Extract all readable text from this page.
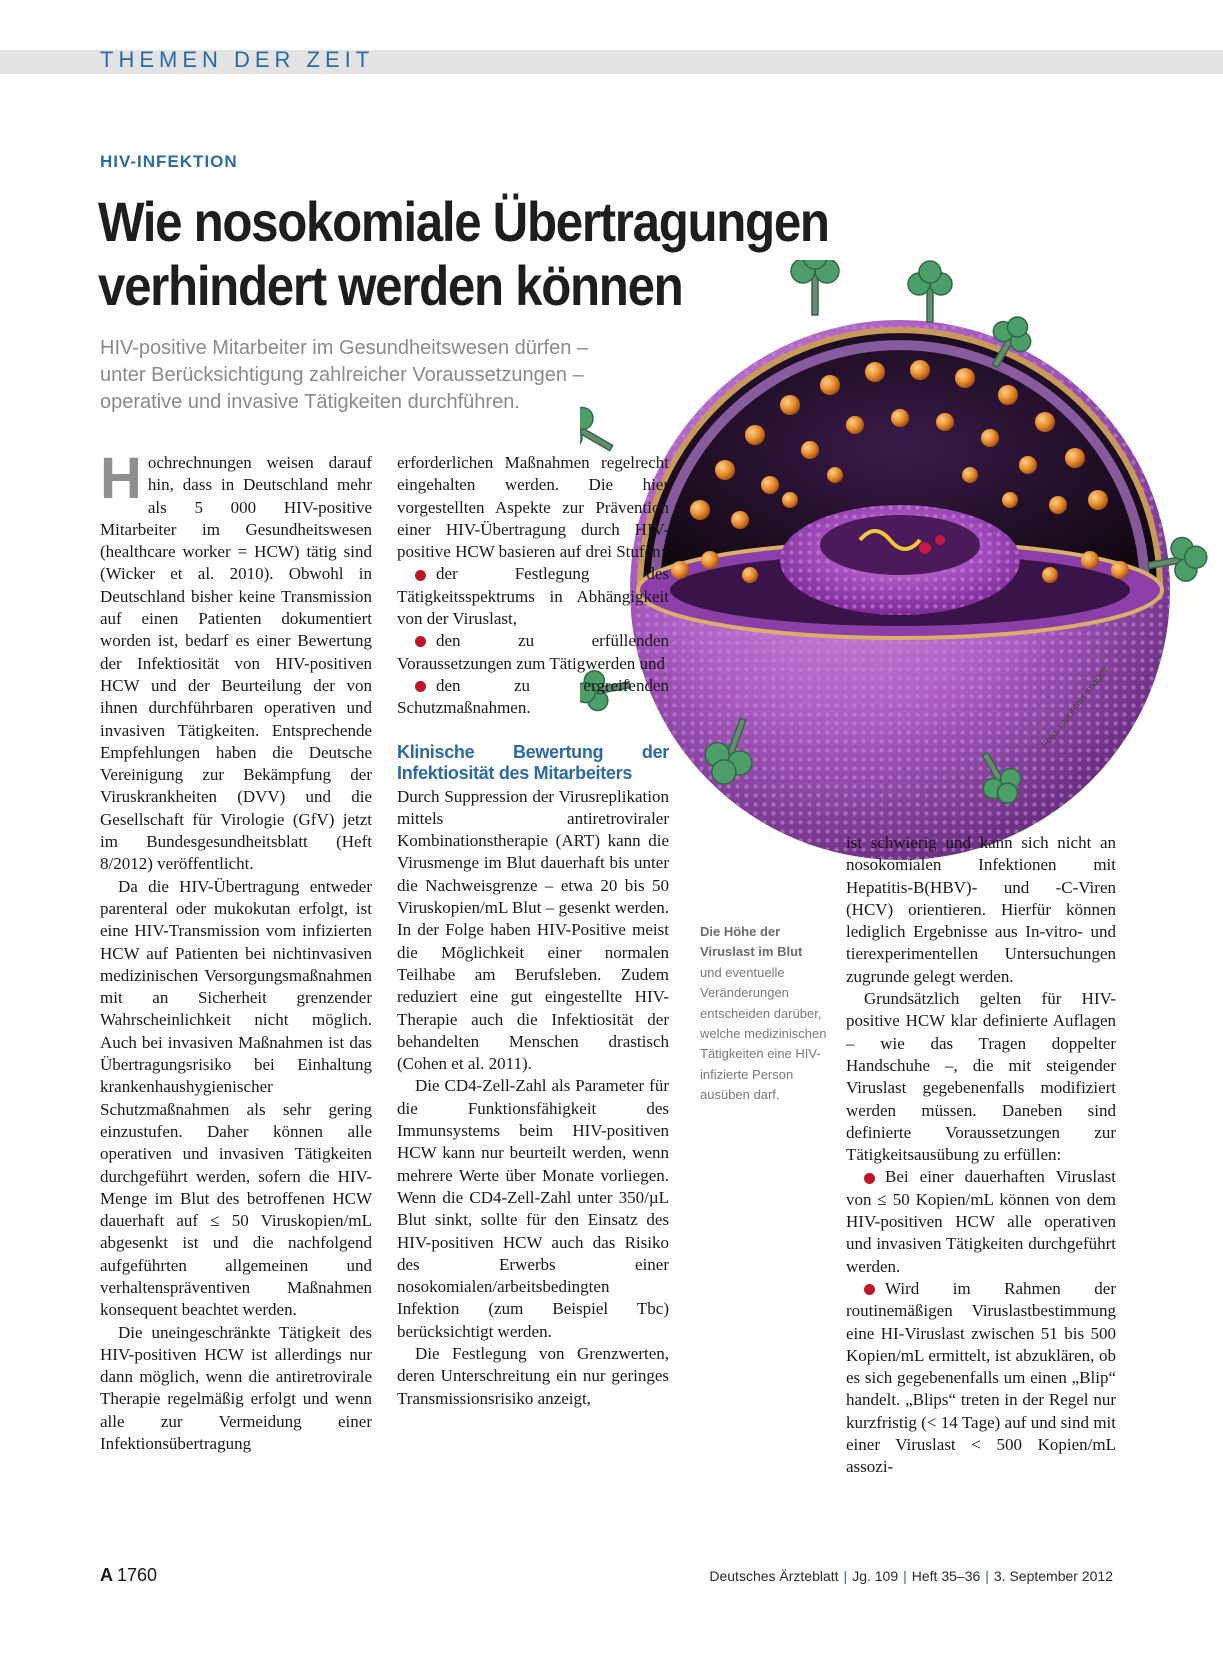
THEMEN DER ZEIT
HIV-INFEKTION
Wie nosokomiale Übertragungen
verhindert werden können
HIV-positive Mitarbeiter im Gesundheitswesen dürfen –
unter Berücksichtigung zahlreicher Voraussetzungen –
operative und invasive Tätigkeiten durchführen.
Foto: mauritius images

Hochrechnungen weisen darauf hin, dass in Deutschland mehr als 5 000 HIV-positive Mitarbeiter im Gesundheitswesen (healthcare worker = HCW) tätig sind (Wicker et al. 2010). Obwohl in Deutschland bisher keine Transmission auf einen Patienten dokumentiert worden ist, bedarf es einer Bewertung der Infektiosität von HIV-positiven HCW und der Beurteilung der von ihnen durchführbaren operativen und invasiven Tätigkeiten. Entsprechende Empfehlungen haben die Deutsche Vereinigung zur Bekämpfung der Viruskrankheiten (DVV) und die Gesellschaft für Virologie (GfV) jetzt im Bundesgesundheitsblatt (Heft 8/2012) veröffentlicht.

Da die HIV-Übertragung entweder parenteral oder mukokutan erfolgt, ist eine HIV-Transmission vom infizierten HCW auf Patienten bei nichtinvasiven medizinischen Versorgungsmaßnahmen mit an Sicherheit grenzender Wahrscheinlichkeit nicht möglich. Auch bei invasiven Maßnahmen ist das Übertragungsrisiko bei Einhaltung krankenhaushygienischer Schutzmaßnahmen als sehr gering einzustufen. Daher können alle operativen und invasiven Tätigkeiten durchgeführt werden, sofern die HIV-Menge im Blut des betroffenen HCW dauerhaft auf ≤ 50 Viruskopien/mL abgesenkt ist und die nachfolgend aufgeführten allgemeinen und verhaltenspräventiven Maßnahmen konsequent beachtet werden.

Die uneingeschränkte Tätigkeit des HIV-positiven HCW ist allerdings nur dann möglich, wenn die antiretrovirale Therapie regelmäßig erfolgt und wenn alle zur Vermeidung einer Infektionsübertragung

erforderlichen Maßnahmen regelrecht eingehalten werden. Die hier vorgestellten Aspekte zur Prävention einer HIV-Übertragung durch HIV-positive HCW basieren auf drei Stufen:

der Festlegung des Tätigkeitsspektrums in Abhängigkeit von der Viruslast,

den zu erfüllenden Voraussetzungen zum Tätigwerden und

den zu ergreifenden Schutzmaßnahmen.

Klinische Bewertung der Infektiosität des Mitarbeiters

Durch Suppression der Virusreplikation mittels antiretroviraler Kombinationstherapie (ART) kann die Virusmenge im Blut dauerhaft bis unter die Nachweisgrenze – etwa 20 bis 50 Viruskopien/mL Blut – gesenkt werden. In der Folge haben HIV-Positive meist die Möglichkeit einer normalen Teilhabe am Berufsleben. Zudem reduziert eine gut eingestellte HIV-Therapie auch die Infektiosität der behandelten Menschen drastisch (Cohen et al. 2011).

Die CD4-Zell-Zahl als Parameter für die Funktionsfähigkeit des Immunsystems beim HIV-positiven HCW kann nur beurteilt werden, wenn mehrere Werte über Monate vorliegen. Wenn die CD4-Zell-Zahl unter 350/µL Blut sinkt, sollte für den Einsatz des HIV-positiven HCW auch das Risiko des Erwerbs einer nosokomialen/arbeitsbedingten Infektion (zum Beispiel Tbc) berücksichtigt werden.

Die Festlegung von Grenzwerten, deren Unterschreitung ein nur geringes Transmissionsrisiko anzeigt,

Die Höhe der Viruslast im Blut
und eventuelle Veränderungen entscheiden darüber, welche medizinischen Tätigkeiten eine HIV-infizierte Person ausüben darf.

ist schwierig und kann sich nicht an nosokomialen Infektionen mit Hepatitis-B(HBV)- und -C-Viren (HCV) orientieren. Hierfür können lediglich Ergebnisse aus In-vitro- und tierexperimentellen Untersuchungen zugrunde gelegt werden.

Grundsätzlich gelten für HIV-positive HCW klar definierte Auflagen – wie das Tragen doppelter Handschuhe –, die mit steigender Viruslast gegebenenfalls modifiziert werden müssen. Daneben sind definierte Voraussetzungen zur Tätigkeitsausübung zu erfüllen:

Bei einer dauerhaften Viruslast von ≤ 50 Kopien/mL können von dem HIV-positiven HCW alle operativen und invasiven Tätigkeiten durchgeführt werden.

Wird im Rahmen der routinemäßigen Viruslastbestimmung eine HI-Viruslast zwischen 51 bis 500 Kopien/mL ermittelt, ist abzuklären, ob es sich gegebenenfalls um einen „Blip“ handelt. „Blips“ treten in der Regel nur kurzfristig (< 14 Tage) auf und sind mit einer Viruslast < 500 Kopien/mL assozi-

A 1760	Deutsches Ärzteblatt | Jg. 109 | Heft 35–36 | 3. September 2012
